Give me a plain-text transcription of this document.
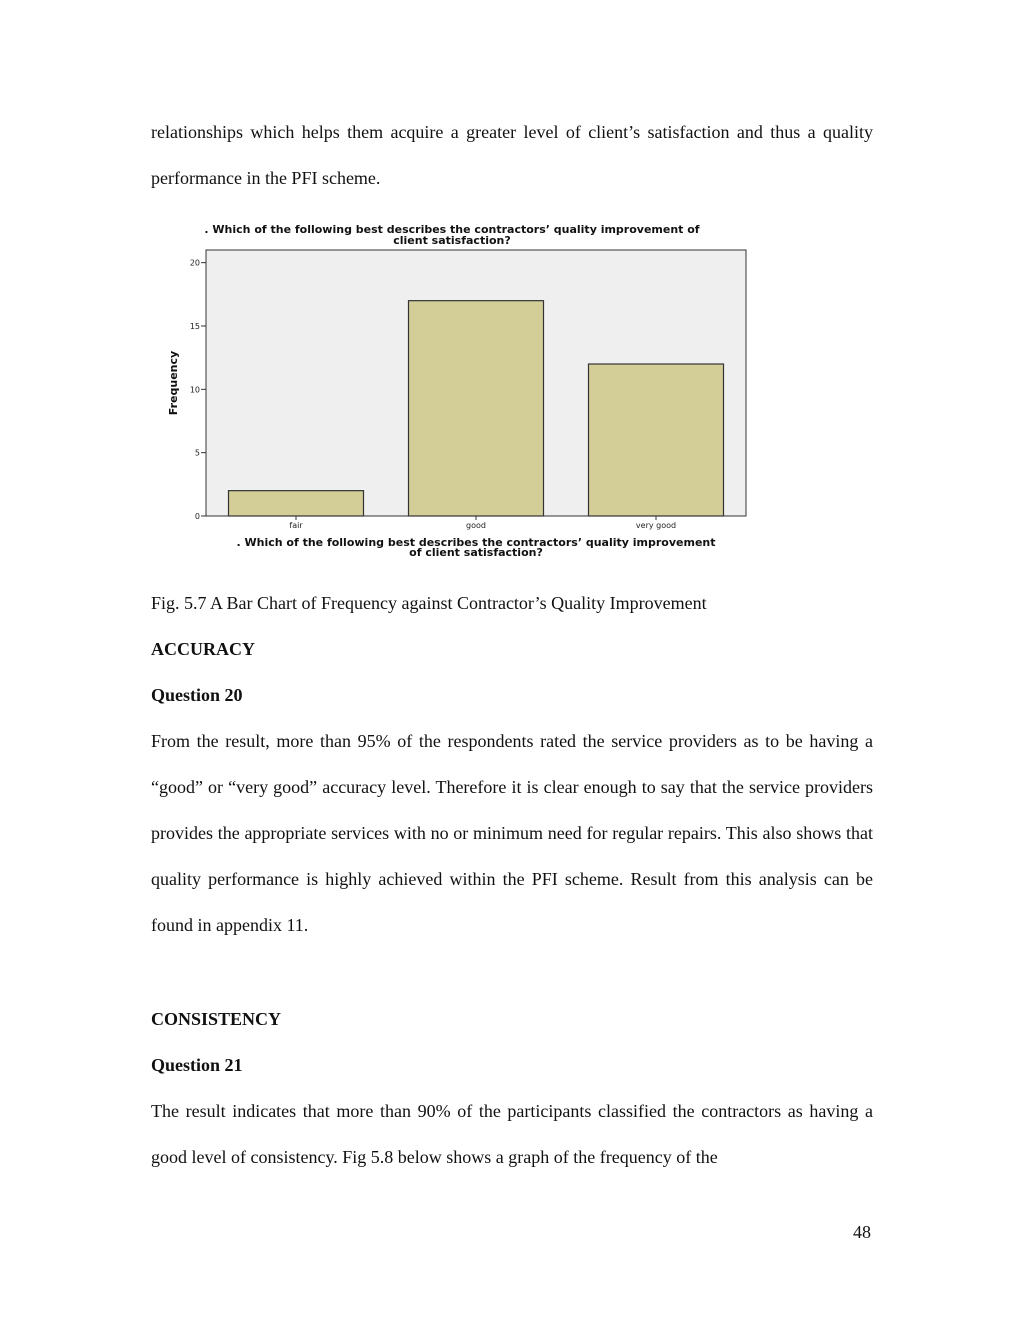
relationships which helps them acquire a greater level of client’s satisfaction and thus a quality performance in the PFI scheme.

. Which of the following best describes the contractors’ quality improvement of
client satisfaction?
0
5
10
15
20
fair	good	very good
Frequency
. Which of the following best describes the contractors’ quality improvement
of client satisfaction?

Fig. 5.7 A Bar Chart of Frequency against Contractor’s Quality Improvement

ACCURACY

Question 20

From the result, more than 95% of the respondents rated the service providers as to be having a “good” or “very good” accuracy level. Therefore it is clear enough to say that the service providers provides the appropriate services with no or minimum need for regular repairs. This also shows that quality performance is highly achieved within the PFI scheme. Result from this analysis can be found in appendix 11.

CONSISTENCY

Question 21

The result indicates that more than 90% of the participants classified the contractors as having a good level of consistency. Fig 5.8 below shows a graph of the frequency of the

48
